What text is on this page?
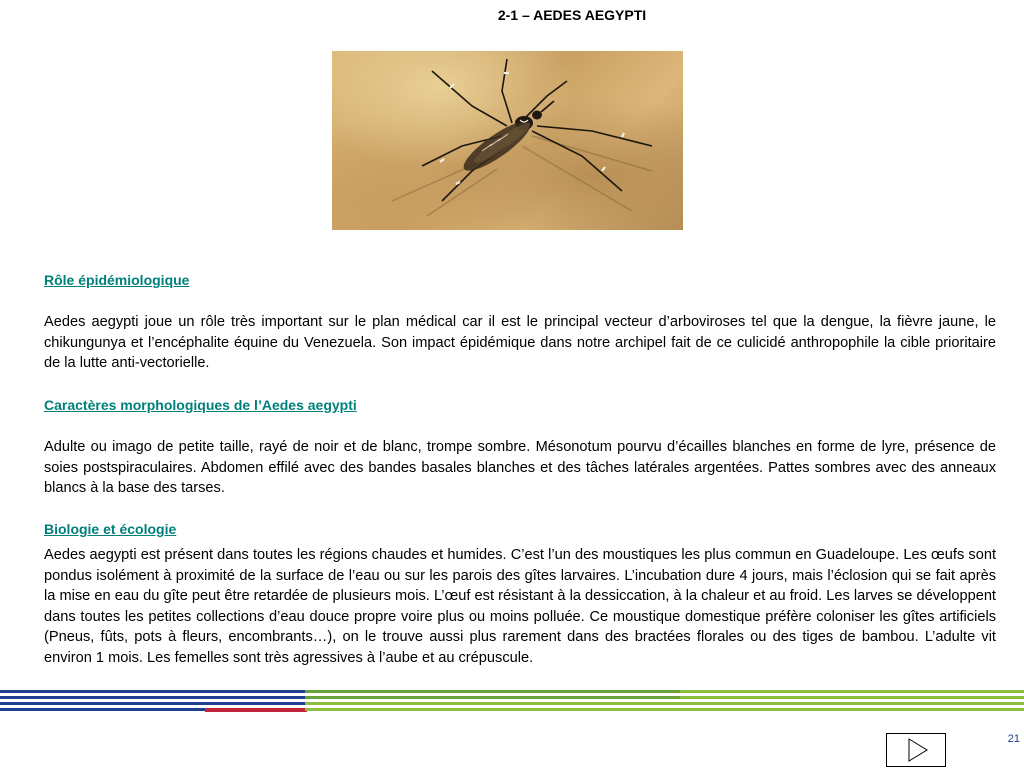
2-1 – AEDES AEGYPTI
Rôle épidémiologique

Aedes aegypti joue un rôle très important sur le plan médical car il est le principal vecteur d’arboviroses tel que la dengue, la fièvre jaune, le chikungunya et l’encéphalite équine du Venezuela. Son impact épidémique dans notre archipel fait de ce culicidé anthropophile la cible prioritaire de la lutte anti-vectorielle.

Caractères morphologiques de l’Aedes aegypti

Adulte ou imago de petite taille, rayé de noir et de blanc, trompe sombre. Mésonotum pourvu d’écailles blanches en forme de lyre, présence de soies postspiraculaires. Abdomen effilé avec des bandes basales blanches et des tâches latérales argentées. Pattes sombres avec des anneaux blancs à la base des tarses.

Biologie et écologie

Aedes aegypti est présent dans toutes les régions chaudes et humides. C’est l’un des moustiques les plus commun en Guadeloupe. Les œufs sont pondus isolément à proximité de la surface de l’eau ou sur les parois des gîtes larvaires. L’incubation dure 4 jours, mais l’éclosion qui se fait après la mise en eau du gîte peut être retardée de plusieurs mois. L’œuf est résistant à la dessiccation, à la chaleur et au froid. Les larves se développent dans toutes les petites collections d’eau douce propre voire plus ou moins polluée. Ce moustique domestique préfère coloniser les gîtes artificiels (Pneus, fûts, pots à fleurs, encombrants…), on le trouve aussi plus rarement dans des bractées florales ou des tiges de bambou. L’adulte vit environ 1 mois. Les femelles sont très agressives à l’aube et au crépuscule.

21
